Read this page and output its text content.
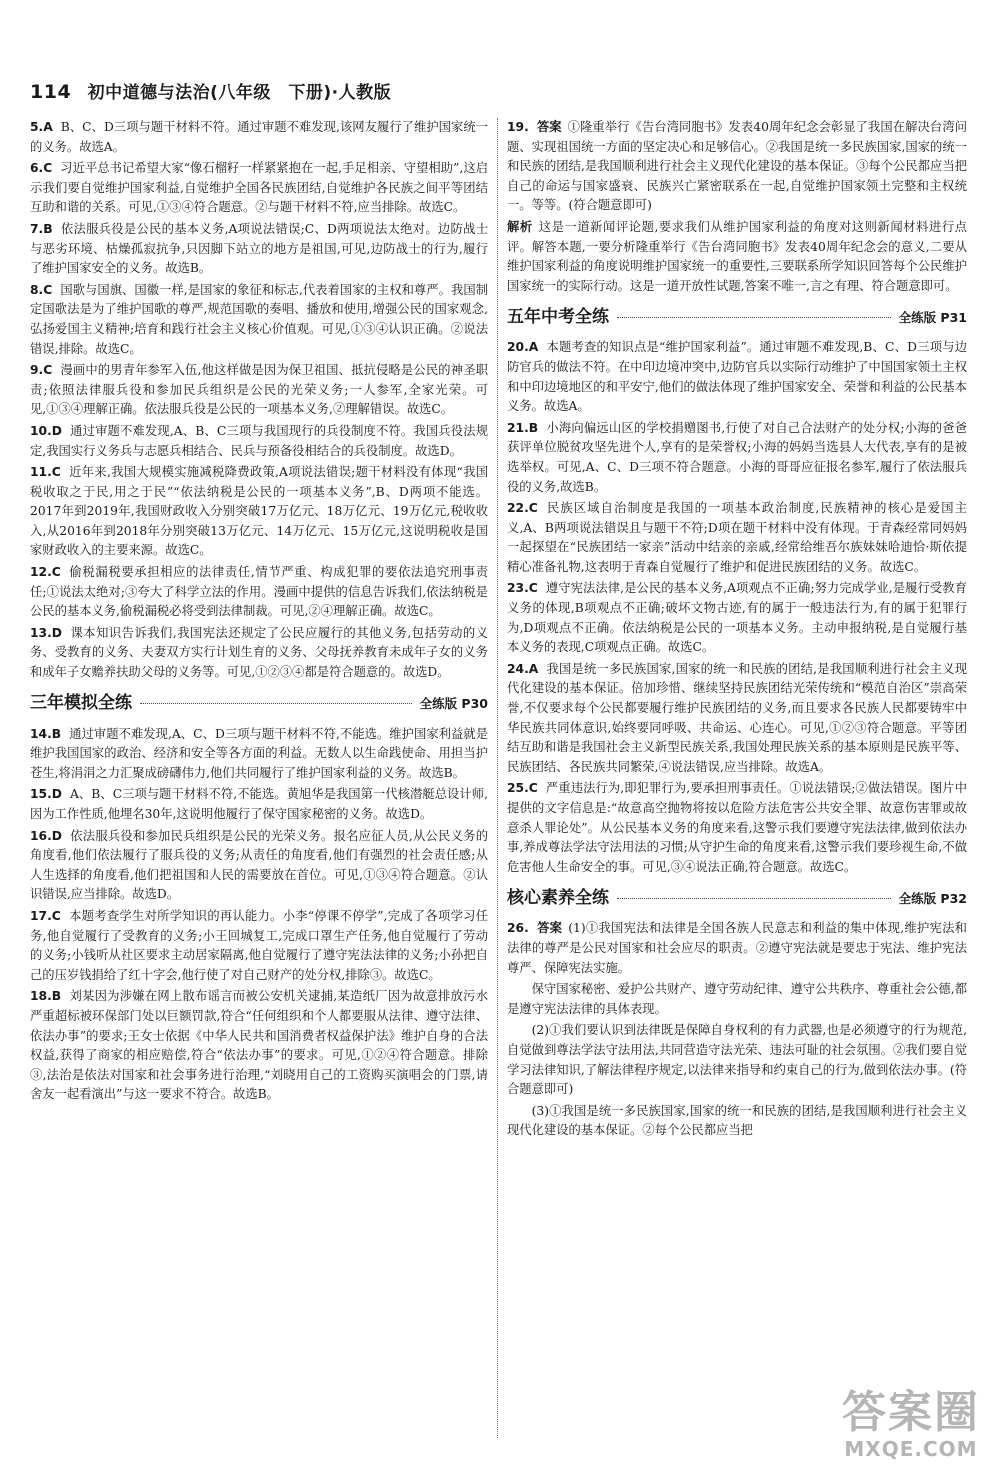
114 初中道德与法治(八年级　下册)·人教版

5.A B、C、D三项与题干材料不符。通过审题不难发现,该网友履行了维护国家统一的义务。故选A。

6.C 习近平总书记希望大家“像石榴籽一样紧紧抱在一起,手足相亲、守望相助”,这启示我们要自觉维护国家利益,自觉维护全国各民族团结,自觉维护各民族之间平等团结互助和谐的关系。可见,①③④符合题意。②与题干材料不符,应当排除。故选C。

7.B 依法服兵役是公民的基本义务,A项说法错误;C、D两项说法太绝对。边防战士与恶劣环境、枯燥孤寂抗争,只因脚下站立的地方是祖国,可见,边防战士的行为,履行了维护国家安全的义务。故选B。

8.C 国歌与国旗、国徽一样,是国家的象征和标志,代表着国家的主权和尊严。我国制定国歌法是为了维护国歌的尊严,规范国歌的奏唱、播放和使用,增强公民的国家观念,弘扬爱国主义精神;培育和践行社会主义核心价值观。可见,①③④认识正确。②说法错误,排除。故选C。

9.C 漫画中的男青年参军入伍,他这样做是因为保卫祖国、抵抗侵略是公民的神圣职责;依照法律服兵役和参加民兵组织是公民的光荣义务;一人参军,全家光荣。可见,①③④理解正确。依法服兵役是公民的一项基本义务,②理解错误。故选C。

10.D 通过审题不难发现,A、B、C三项与我国现行的兵役制度不符。我国兵役法规定,我国实行义务兵与志愿兵相结合、民兵与预备役相结合的兵役制度。故选D。

11.C 近年来,我国大规模实施减税降费政策,A项说法错误;题干材料没有体现“我国税收取之于民,用之于民”“依法纳税是公民的一项基本义务”,B、D两项不能选。2017年到2019年,我国财政收入分别突破17万亿元、18万亿元、19万亿元,税收收入,从2016年到2018年分别突破13万亿元、14万亿元、15万亿元,这说明税收是国家财政收入的主要来源。故选C。

12.C 偷税漏税要承担相应的法律责任,情节严重、构成犯罪的要依法追究刑事责任;①说法太绝对;③夸大了科学立法的作用。漫画中提供的信息告诉我们,依法纳税是公民的基本义务,偷税漏税必将受到法律制裁。可见,②④理解正确。故选C。

13.D 课本知识告诉我们,我国宪法还规定了公民应履行的其他义务,包括劳动的义务、受教育的义务、夫妻双方实行计划生育的义务、父母抚养教育未成年子女的义务和成年子女赡养扶助父母的义务等。可见,①②③④都是符合题意的。故选D。

三年模拟全练	全练版 P30

14.B 通过审题不难发现,A、C、D三项与题干材料不符,不能选。维护国家利益就是维护我国国家的政治、经济和安全等各方面的利益。无数人以生命践使命、用担当护苍生,将涓涓之力汇聚成磅礴伟力,他们共同履行了维护国家利益的义务。故选B。

15.D A、B、C三项与题干材料不符,不能选。黄旭华是我国第一代核潜艇总设计师,因为工作性质,他埋名30年,这说明他履行了保守国家秘密的义务。故选D。

16.D 依法服兵役和参加民兵组织是公民的光荣义务。报名应征人员,从公民义务的角度看,他们依法履行了服兵役的义务;从责任的角度看,他们有强烈的社会责任感;从人生选择的角度看,他们把祖国和人民的需要放在首位。可见,①③④符合题意。②认识错误,应当排除。故选D。

17.C 本题考查学生对所学知识的再认能力。小李“停课不停学”,完成了各项学习任务,他自觉履行了受教育的义务;小王回城复工,完成口罩生产任务,他自觉履行了劳动的义务;小钱听从社区要求主动居家隔离,他自觉履行了遵守宪法法律的义务;小孙把自己的压岁钱捐给了红十字会,他行使了对自己财产的处分权,排除③。故选C。

18.B 刘某因为涉嫌在网上散布谣言而被公安机关逮捕,某造纸厂因为故意排放污水严重超标被环保部门处以巨额罚款,符合“任何组织和个人都要服从法律、遵守法律、依法办事”的要求;王女士依据《中华人民共和国消费者权益保护法》维护自身的合法权益,获得了商家的相应赔偿,符合“依法办事”的要求。可见,①②④符合题意。排除③,法治是依法对国家和社会事务进行治理,“刘晓用自己的工资购买演唱会的门票,请舍友一起看演出”与这一要求不符合。故选B。

19. 答案 ①隆重举行《告台湾同胞书》发表40周年纪念会彰显了我国在解决台湾问题、实现祖国统一方面的坚定决心和足够信心。②我国是统一多民族国家,国家的统一和民族的团结,是我国顺利进行社会主义现代化建设的基本保证。③每个公民都应当把自己的命运与国家盛衰、民族兴亡紧密联系在一起,自觉维护国家领土完整和主权统一。等等。(符合题意即可)

解析 这是一道新闻评论题,要求我们从维护国家利益的角度对这则新闻材料进行点评。解答本题,一要分析隆重举行《告台湾同胞书》发表40周年纪念会的意义,二要从维护国家利益的角度说明维护国家统一的重要性,三要联系所学知识回答每个公民维护国家统一的实际行动。这是一道开放性试题,答案不唯一,言之有理、符合题意即可。

五年中考全练	全练版 P31

20.A 本题考查的知识点是“维护国家利益”。通过审题不难发现,B、C、D三项与边防官兵的做法不符。在中印边境冲突中,边防官兵以实际行动维护了中国国家领土主权和中印边境地区的和平安宁,他们的做法体现了维护国家安全、荣誉和利益的公民基本义务。故选A。

21.B 小海向偏远山区的学校捐赠图书,行使了对自己合法财产的处分权;小海的爸爸获评单位脱贫攻坚先进个人,享有的是荣誉权;小海的妈妈当选县人大代表,享有的是被选举权。可见,A、C、D三项不符合题意。小海的哥哥应征报名参军,履行了依法服兵役的义务,故选B。

22.C 民族区域自治制度是我国的一项基本政治制度,民族精神的核心是爱国主义,A、B两项说法错误且与题干不符;D项在题干材料中没有体现。于青森经常同妈妈一起探望在“民族团结一家亲”活动中结亲的亲戚,经常给维吾尔族妹妹哈迪恰·斯依提精心准备礼物,这表明于青森自觉履行了维护和促进民族团结的义务。故选C。

23.C 遵守宪法法律,是公民的基本义务,A项观点不正确;努力完成学业,是履行受教育义务的体现,B项观点不正确;破坏文物古迹,有的属于一般违法行为,有的属于犯罪行为,D项观点不正确。依法纳税是公民的一项基本义务。主动申报纳税,是自觉履行基本义务的表现,C项观点正确。故选C。

24.A 我国是统一多民族国家,国家的统一和民族的团结,是我国顺利进行社会主义现代化建设的基本保证。倍加珍惜、继续坚持民族团结光荣传统和“模范自治区”崇高荣誉,不仅要求每个公民都要履行维护民族团结的义务,而且要求各民族人民都要铸牢中华民族共同体意识,始终要同呼吸、共命运、心连心。可见,①②③符合题意。平等团结互助和谐是我国社会主义新型民族关系,我国处理民族关系的基本原则是民族平等、民族团结、各民族共同繁荣,④说法错误,应当排除。故选A。

25.C 严重违法行为,即犯罪行为,要承担刑事责任。①说法错误;②做法错误。图片中提供的文字信息是:“故意高空抛物将按以危险方法危害公共安全罪、故意伤害罪或故意杀人罪论处”。从公民基本义务的角度来看,这警示我们要遵守宪法法律,做到依法办事,养成尊法学法守法用法的习惯;从守护生命的角度来看,这警示我们要珍视生命,不做危害他人生命安全的事。可见,③④说法正确,符合题意。故选C。

核心素养全练	全练版 P32

26. 答案 (1)①我国宪法和法律是全国各族人民意志和利益的集中体现,维护宪法和法律的尊严是公民对国家和社会应尽的职责。②遵守宪法就是要忠于宪法、维护宪法尊严、保障宪法实施。

保守国家秘密、爱护公共财产、遵守劳动纪律、遵守公共秩序、尊重社会公德,都是遵守宪法法律的具体表现。

(2)①我们要认识到法律既是保障自身权利的有力武器,也是必须遵守的行为规范,自觉做到尊法学法守法用法,共同营造守法光荣、违法可耻的社会氛围。②我们要自觉学习法律知识,了解法律程序规定,以法律来指导和约束自己的行为,做到依法办事。(符合题意即可)

(3)①我国是统一多民族国家,国家的统一和民族的团结,是我国顺利进行社会主义现代化建设的基本保证。②每个公民都应当把

答案圈
MXQE.COM
